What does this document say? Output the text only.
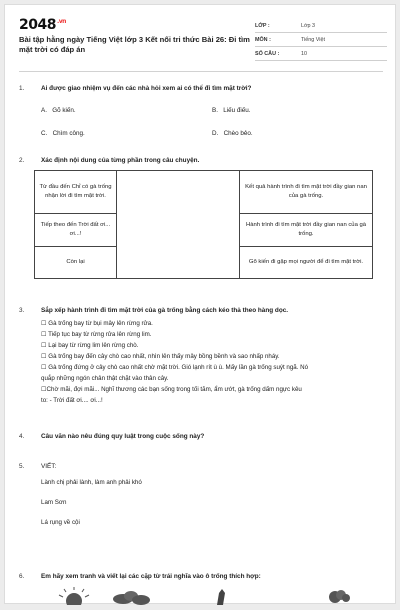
$2048^{.vn}$
Bài tập hằng ngày Tiếng Việt lớp 3 Kết nối tri thức Bài 26: Đi tìm mặt trời có đáp án
LỚP :	Lớp 3
MÔN :	Tiếng Việt
SỐ CÂU :	10
1.	Ai được giao nhiệm vụ đến các nhà hỏi xem ai có thể đi tìm mặt trời?
A. Gõ kiến.	B. Liếu điếu.
C. Chìm công.	D. Chèo bẻo.
2.	Xác định nội dung của từng phần trong câu chuyện.
Từ đầu đến Chỉ có gà trống nhận lời đi tìm mặt trời.		Kết quả hành trình đi tìm mặt trời đầy gian nan của gà trống.
Tiếp theo đến Trời đất ơi... ơi...!		Hành trình đi tìm mặt trời đầy gian nan của gà trống.
Còn lại		Gõ kiến đi gặp mọi người để đi tìm mặt trời.
3.	Sắp xếp hành trình đi tìm mặt trời của gà trống bằng cách kéo thả theo hàng dọc.
☐ Gà trống bay từ bụi mây lên rừng rửa.
☐ Tiếp tục bay từ rừng rửa lên rừng lim.
☐ Lại bay từ rừng lim lên rừng chò.
☐ Gà trống bay đến cây chò cao nhất, nhìn lên thấy mây bồng bềnh và sao nhấp nháy.
☐ Gà trống đứng ở cây chò cao nhất chờ mặt trời. Gió lạnh rít ù ù. Mấy lần gà trống suýt ngã. Nó
quắp những ngón chân thật chặt vào thân cây.
☐Chờ mãi, đợi mãi... Nghĩ thương các bạn sống trong tối tăm, ẩm ướt, gà trống dấm ngực kêu
to: - Trời đất ơi.... ơi...!
4.	Câu văn nào nêu đúng quy luật trong cuộc sống này?
5.	VIẾT:
Lành chị phải lành, làm anh phải khó
Lam Sơn
Lá rụng về cội
6.	Em hãy xem tranh và viết lại các cặp từ trái nghĩa vào ô trống thích hợp:
